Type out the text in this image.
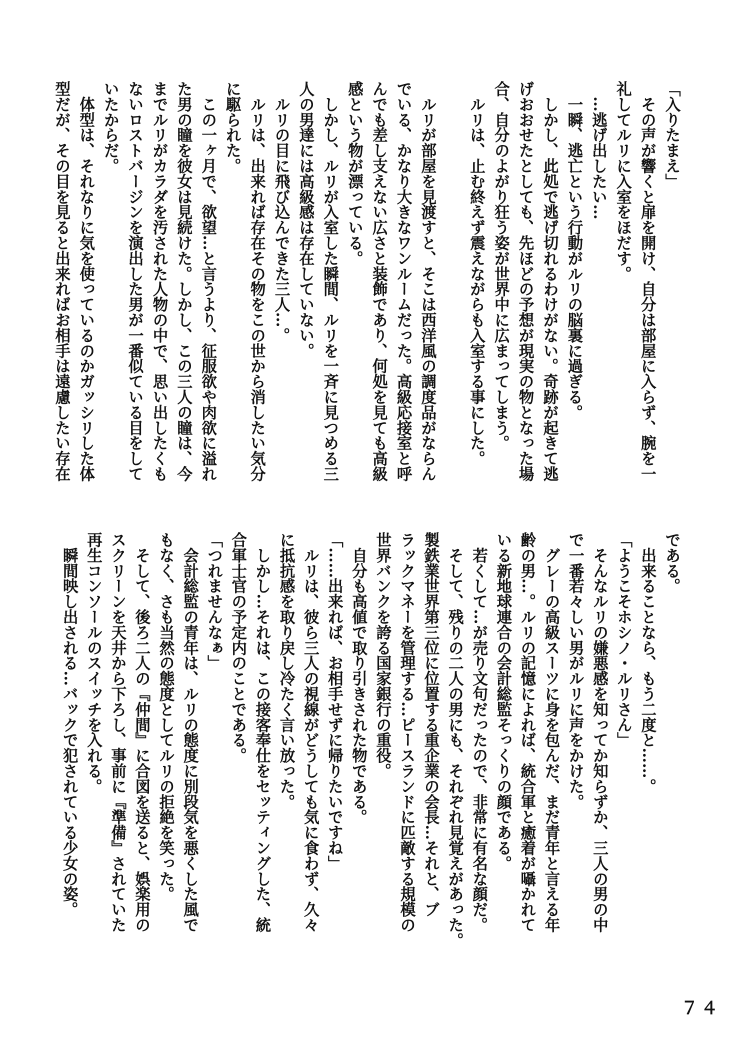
「入りたまえ」
　その声が響くと扉を開け、自分は部屋に入らず、腕を一
礼してルリに入室をほだす。
　…逃げ出したい…
　一瞬、逃亡という行動がルリの脳裏に過ぎる。
　しかし、此処で逃げ切れるわけがない。奇跡が起きて逃
げおおせたとしても、先ほどの予想が現実の物となった場
合、自分のよがり狂う姿が世界中に広まってしまう。
　ルリは、止む終えず震えながらも入室する事にした。
　ルリが部屋を見渡すと、そこは西洋風の調度品がならん
でいる、かなり大きなワンルームだった。高級応接室と呼
んでも差し支えない広さと装飾であり、何処を見ても高級
感という物が漂っている。
　しかし、ルリが入室した瞬間、ルリを一斉に見つめる三
人の男達には高級感は存在していない。
　ルリの目に飛び込んできた三人…。
　ルリは、出来れば存在その物をこの世から消したい気分
に駆られた。
　この一ヶ月で、欲望…と言うより、征服欲や肉欲に溢れ
た男の瞳を彼女は見続けた。しかし、この三人の瞳は、今
までルリがカラダを汚された人物の中で、思い出したくも
ないロストバージンを演出した男が一番似ている目をして
いたからだ。
　体型は、それなりに気を使っているのかガッシリした体
型だが、その目を見ると出来ればお相手は遠慮したい存在
である。
　出来ることなら、もう二度と……。
「ようこそホシノ・ルリさん」
　そんなルリの嫌悪感を知ってか知らずか、三人の男の中
で一番若々しい男がルリに声をかけた。
　グレーの高級スーツに身を包んだ、まだ青年と言える年
齢の男…。ルリの記憶によれば、統合軍と癒着が囁かれて
いる新地球連合の会計総監そっくりの顔である。
　若くして…が売り文句だったので、非常に有名な顔だ。
　そして、残りの二人の男にも、それぞれ見覚えがあった。
製鉄業世界第三位に位置する重企業の会長…それと、ブ
ラックマネーを管理する…ピースランドに匹敵する規模の
世界バンクを誇る国家銀行の重役。
　自分も高値で取り引きされた物である。
「……出来れば、お相手せずに帰りたいですね」
　ルリは、彼ら三人の視線がどうしても気に食わず、久々
に抵抗感を取り戻し冷たく言い放った。
　しかし…それは、この接客奉仕をセッティングした、統
合軍士官の予定内のことである。
「つれませんなぁ」
　会計総監の青年は、ルリの態度に別段気を悪くした風で
もなく、さも当然の態度としてルリの拒絶を笑った。
　そして、後ろ二人の『仲間』に合図を送ると、娯楽用の
スクリーンを天井から下ろし、事前に『準備』されていた
再生コンソールのスイッチを入れる。
　瞬間映し出される…バックで犯されている少女の姿。
７４
